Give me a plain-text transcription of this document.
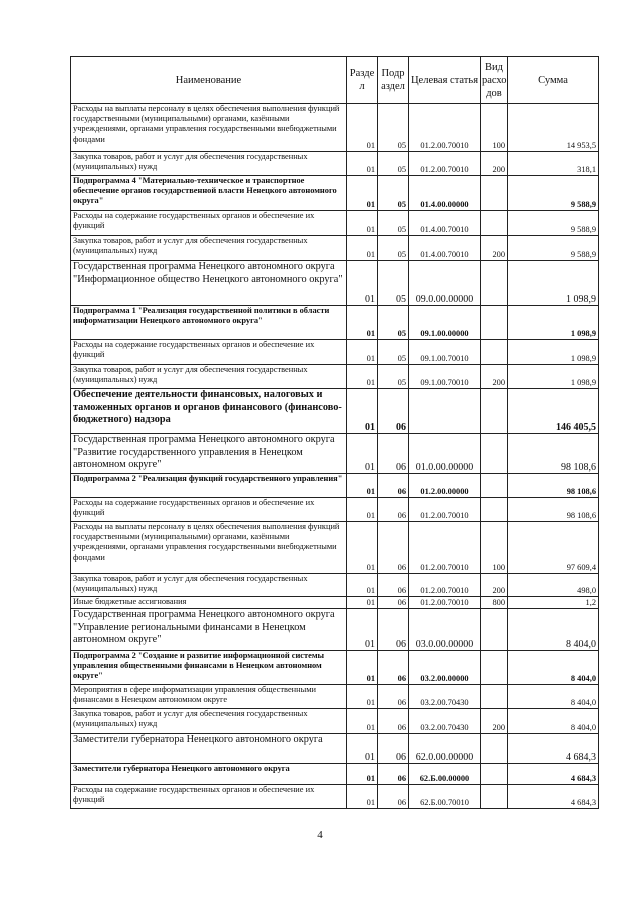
Наименование	Разде л	Подр аздел	Целевая статья	Вид расхо дов	Сумма
Расходы на выплаты персоналу в целях обеспечения выполнения функций государственными (муниципальными) органами, казёнными учреждениями, органами управления государственными внебюджетными фондами	01	05	01.2.00.70010	100	14 953,5
Закупка товаров, работ и услуг для обеспечения государственных (муниципальных) нужд	01	05	01.2.00.70010	200	318,1
Подпрограмма 4 "Материально-техническое и транспортное обеспечение органов государственной власти Ненецкого автономного округа"	01	05	01.4.00.00000		9 588,9
Расходы на содержание государственных органов и обеспечение их функций	01	05	01.4.00.70010		9 588,9
Закупка товаров, работ и услуг для обеспечения государственных (муниципальных) нужд	01	05	01.4.00.70010	200	9 588,9
Государственная программа Ненецкого автономного округа "Информационное общество Ненецкого автономного округа"	01	05	09.0.00.00000		1 098,9
Подпрограмма 1 "Реализация государственной политики в области информатизации Ненецкого автономного округа"	01	05	09.1.00.00000		1 098,9
Расходы на содержание государственных органов и обеспечение их функций	01	05	09.1.00.70010		1 098,9
Закупка товаров, работ и услуг для обеспечения государственных (муниципальных) нужд	01	05	09.1.00.70010	200	1 098,9
Обеспечение деятельности финансовых, налоговых и таможенных органов и органов финансового (финансово-бюджетного) надзора	01	06			146 405,5
Государственная программа Ненецкого автономного округа "Развитие государственного управления в Ненецком автономном округе"	01	06	01.0.00.00000		98 108,6
Подпрограмма 2 "Реализация функций государственного управления"	01	06	01.2.00.00000		98 108,6
Расходы на содержание государственных органов и обеспечение их функций	01	06	01.2.00.70010		98 108,6
Расходы на выплаты персоналу в целях обеспечения выполнения функций государственными (муниципальными) органами, казёнными учреждениями, органами управления государственными внебюджетными фондами	01	06	01.2.00.70010	100	97 609,4
Закупка товаров, работ и услуг для обеспечения государственных (муниципальных) нужд	01	06	01.2.00.70010	200	498,0
Иные бюджетные ассигнования	01	06	01.2.00.70010	800	1,2
Государственная программа Ненецкого автономного округа "Управление региональными финансами в Ненецком автономном округе"	01	06	03.0.00.00000		8 404,0
Подпрограмма 2 "Создание и развитие информационной системы управления общественными финансами в Ненецком автономном округе"	01	06	03.2.00.00000		8 404,0
Мероприятия в сфере информатизации управления общественными финансами в Ненецком автономном округе	01	06	03.2.00.70430		8 404,0
Закупка товаров, работ и услуг для обеспечения государственных (муниципальных) нужд	01	06	03.2.00.70430	200	8 404,0
Заместители губернатора Ненецкого автономного округа	01	06	62.0.00.00000		4 684,3
Заместители губернатора Ненецкого автономного округа	01	06	62.Б.00.00000		4 684,3
Расходы на содержание государственных органов и обеспечение их функций	01	06	62.Б.00.70010		4 684,3
4
